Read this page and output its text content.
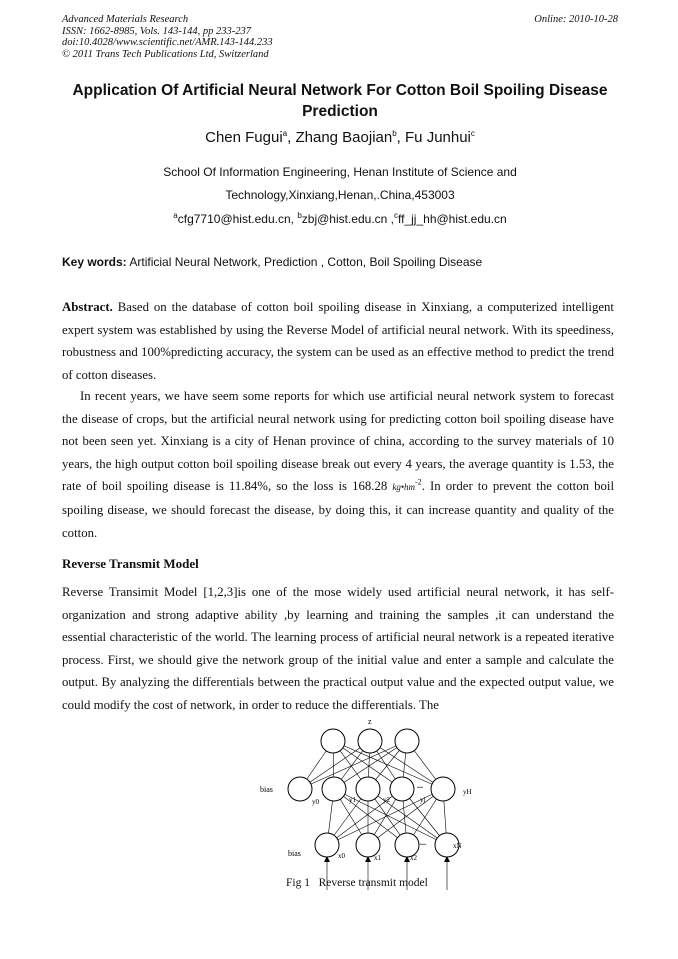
Advanced Materials Research
ISSN: 1662-8985, Vols. 143-144, pp 233-237
doi:10.4028/www.scientific.net/AMR.143-144.233
© 2011 Trans Tech Publications Ltd, Switzerland
Online: 2010-10-28
Application Of Artificial Neural Network For Cotton Boil Spoiling Disease Prediction
Chen Fugui$^a$, Zhang Baojian$^b$, Fu Junhui$^c$
School Of Information Engineering, Henan Institute of Science and
Technology,Xinxiang,Henan,.China,453003
$^a$cfg7710@hist.edu.cn, $^b$zbj@hist.edu.cn ,$^c$ff_jj_hh@hist.edu.cn
Key words: Artificial Neural Network, Prediction , Cotton, Boil Spoiling Disease
Abstract. Based on the database of cotton boil spoiling disease in Xinxiang, a computerized intelligent expert system was established by using the Reverse Model of artificial neural network. With its speediness, robustness and 100%predicting accuracy, the system can be used as an effective method to predict the trend of cotton diseases.
In recent years, we have seem some reports for which use artificial neural network system to forecast the disease of crops, but the artificial neural network using for predicting cotton boil spoiling disease have not been seen yet. Xinxiang is a city of Henan province of china, according to the survey materials of 10 years, the high output cotton boil spoiling disease break out every 4 years, the average quantity is 1.53, the rate of boil spoiling disease is 11.84%, so the loss is 168.28 $kg•hm^{-2}$. In order to prevent the cotton boil spoiling disease, we should forecast the disease, by doing this, it can increase quantity and quality of the cotton.
Reverse Transmit Model
Reverse Transimit Model [1,2,3]is one of the mose widely used artificial neural network, it has self-organization and strong adaptive ability ,by learning and training the samples ,it can understand the essential characteristic of the world. The learning process of artificial neural network is a repeated iterative process. First, we should give the network group of the initial value and enter a sample and calculate the output. By analyzing the differentials between the practical output value and the expected output value, we could modify the cost of network, in order to reduce the differentials. The
z
bias
bias
y0	y1	y2	yj
yH
x0	x1	x2
xN
...
...
Fig 1 Reverse transmit model
